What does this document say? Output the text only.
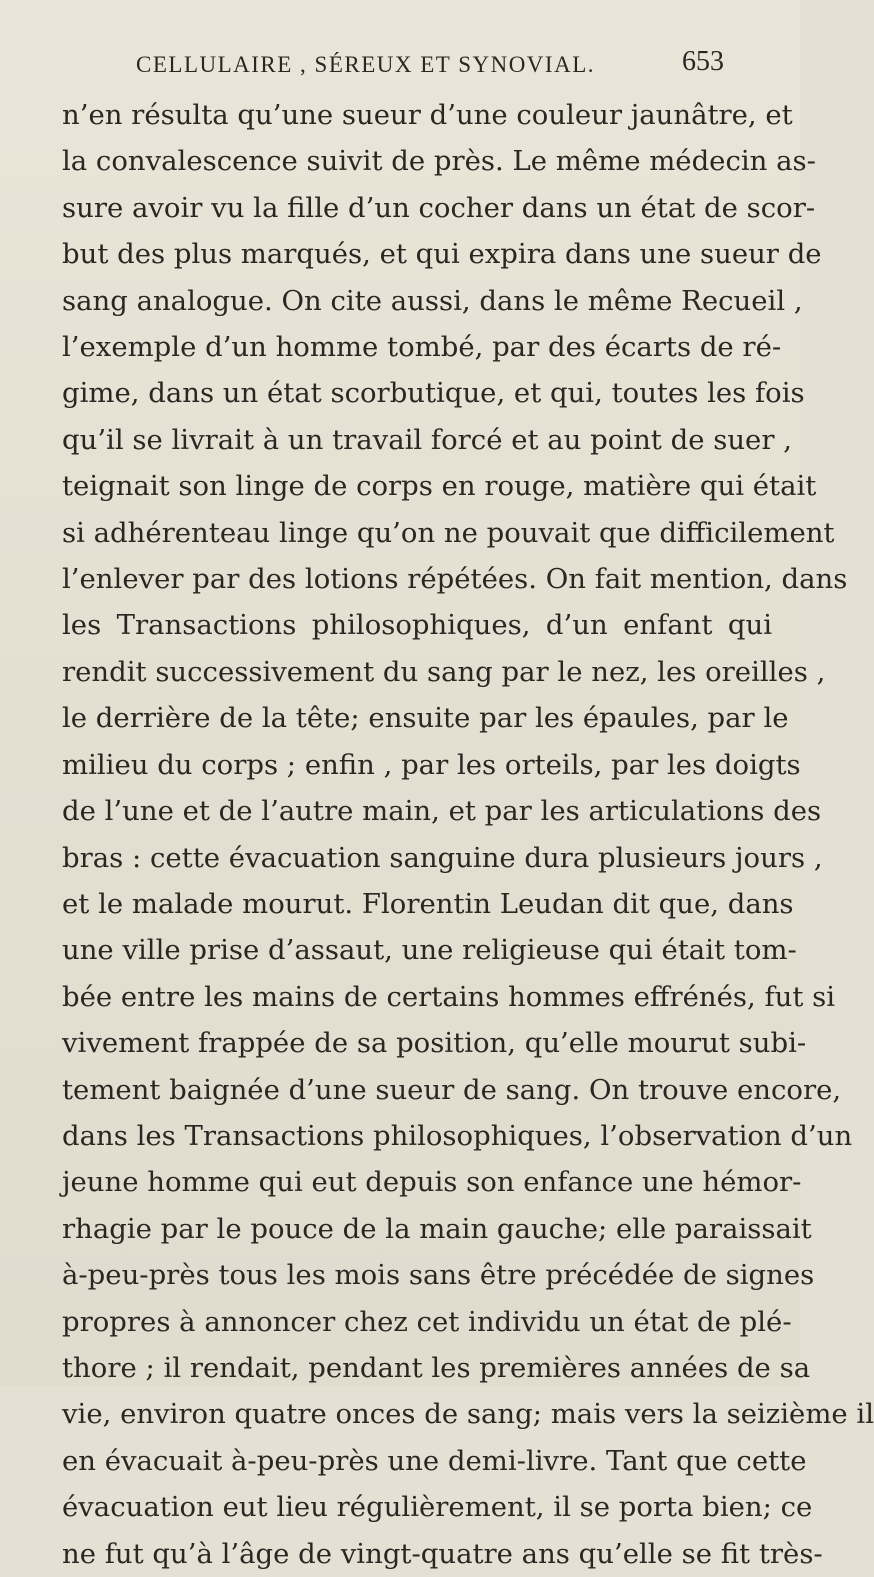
CELLULAIRE , SÉREUX ET SYNOVIAL.	653
n’en résulta qu’une sueur d’une couleur jaunâtre, et
la convalescence suivit de près. Le même médecin as-
sure avoir vu la fille d’un cocher dans un état de scor-
but des plus marqués, et qui expira dans une sueur de
sang analogue. On cite aussi, dans le même Recueil ,
l’exemple d’un homme tombé, par des écarts de ré-
gime, dans un état scorbutique, et qui, toutes les fois
qu’il se livrait à un travail forcé et au point de suer ,
teignait son linge de corps en rouge, matière qui était
si adhérenteau linge qu’on ne pouvait que difficilement
l’enlever par des lotions répétées. On fait mention, dans
les Transactions philosophiques, d’un enfant qui
rendit successivement du sang par le nez, les oreilles ,
le derrière de la tête; ensuite par les épaules, par le
milieu du corps ; enfin , par les orteils, par les doigts
de l’une et de l’autre main, et par les articulations des
bras : cette évacuation sanguine dura plusieurs jours ,
et le malade mourut. Florentin Leudan dit que, dans
une ville prise d’assaut, une religieuse qui était tom-
bée entre les mains de certains hommes effrénés, fut si
vivement frappée de sa position, qu’elle mourut subi-
tement baignée d’une sueur de sang. On trouve encore,
dans les Transactions philosophiques, l’observation d’un
jeune homme qui eut depuis son enfance une hémor-
rhagie par le pouce de la main gauche; elle paraissait
à-peu-près tous les mois sans être précédée de signes
propres à annoncer chez cet individu un état de plé-
thore ; il rendait, pendant les premières années de sa
vie, environ quatre onces de sang; mais vers la seizième il
en évacuait à-peu-près une demi-livre. Tant que cette
évacuation eut lieu régulièrement, il se porta bien; ce
ne fut qu’à l’âge de vingt-quatre ans qu’elle se fit très-
